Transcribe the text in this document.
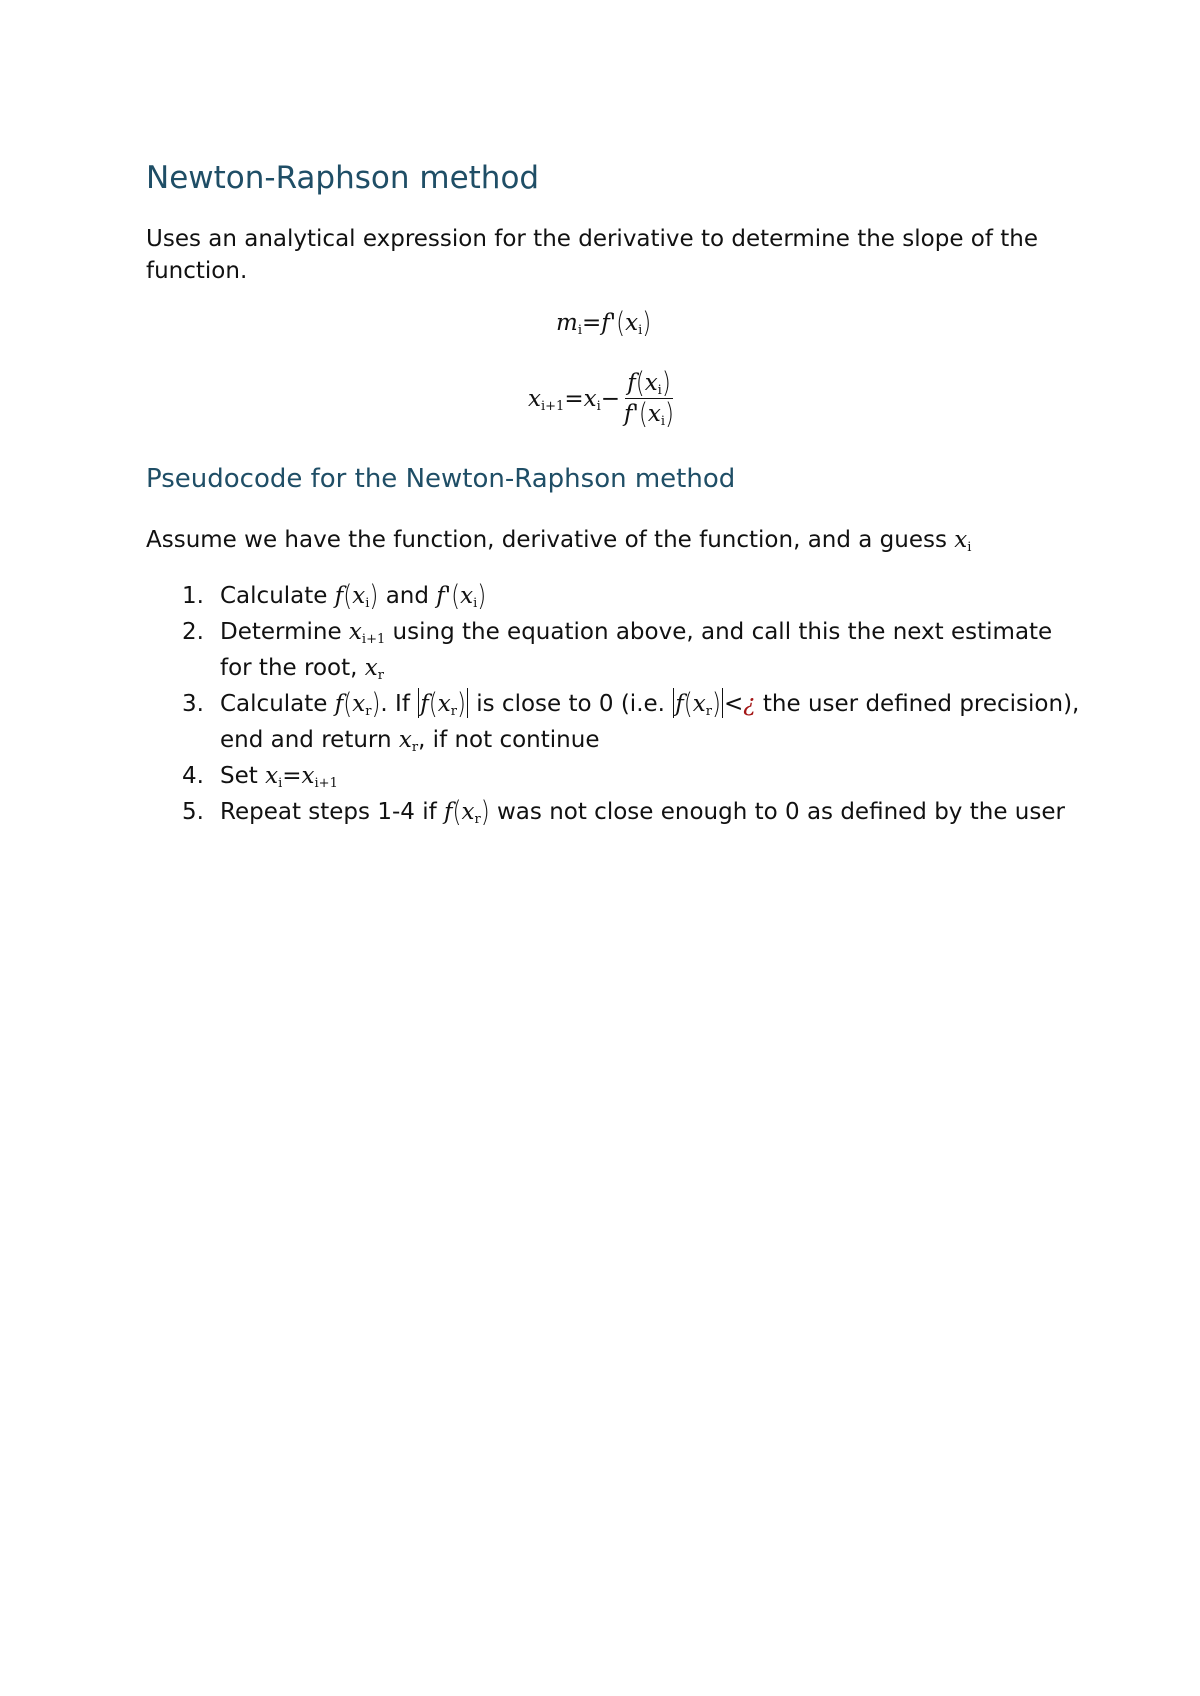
Newton-Raphson method
Uses an analytical expression for the derivative to determine the slope of the function.
$m_i=f'(x_i)$
$x_{i+1} = x_i - \frac{f(x_i)}{f'(x_i)}$
Pseudocode for the Newton-Raphson method
Assume we have the function, derivative of the function, and a guess $x_i$
1. Calculate $f(x_i)$ and $f'(x_i)$
2. Determine $x_{i+1}$ using the equation above, and call this the next estimate for the root, $x_r$
3. Calculate $f(x_r)$. If $f(x_r)$ is close to 0 (i.e. $f(x_r)$ <¿ the user defined precision), end and return $x_r$, if not continue
4. Set $x_i=x_{i+1}$
5. Repeat steps 1-4 if $f(x_r)$ was not close enough to 0 as defined by the user
